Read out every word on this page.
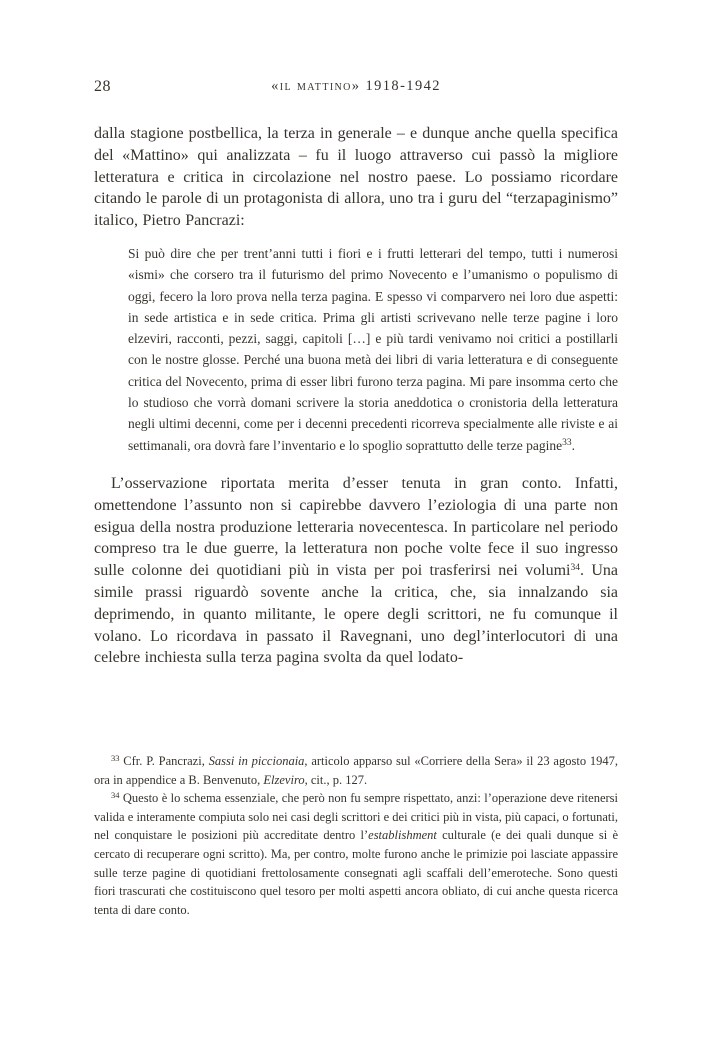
28	«il mattino» 1918-1942

dalla stagione postbellica, la terza in generale – e dunque anche quella specifica del «Mattino» qui analizzata – fu il luogo attraverso cui passò la migliore letteratura e critica in circolazione nel nostro paese. Lo possiamo ricordare citando le parole di un protagonista di allora, uno tra i guru del “terzapaginismo” italico, Pietro Pancrazi:

Si può dire che per trent’anni tutti i fiori e i frutti letterari del tempo, tutti i numerosi «ismi» che corsero tra il futurismo del primo Novecento e l’umanismo o populismo di oggi, fecero la loro prova nella terza pagina. E spesso vi comparvero nei loro due aspetti: in sede artistica e in sede critica. Prima gli artisti scrivevano nelle terze pagine i loro elzeviri, racconti, pezzi, saggi, capitoli […] e più tardi venivamo noi critici a postillarli con le nostre glosse. Perché una buona metà dei libri di varia letteratura e di conseguente critica del Novecento, prima di esser libri furono terza pagina. Mi pare insomma certo che lo studioso che vorrà domani scrivere la storia aneddotica o cronistoria della letteratura negli ultimi decenni, come per i decenni precedenti ricorreva specialmente alle riviste e ai settimanali, ora dovrà fare l’inventario e lo spoglio soprattutto delle terze pagine$^{33}$.

L’osservazione riportata merita d’esser tenuta in gran conto. Infatti, omettendone l’assunto non si capirebbe davvero l’eziologia di una parte non esigua della nostra produzione letteraria novecentesca. In particolare nel periodo compreso tra le due guerre, la letteratura non poche volte fece il suo ingresso sulle colonne dei quotidiani più in vista per poi trasferirsi nei volumi$^{34}$. Una simile prassi riguardò sovente anche la critica, che, sia innalzando sia deprimendo, in quanto militante, le opere degli scrittori, ne fu comunque il volano. Lo ricordava in passato il Ravegnani, uno degl’interlocutori di una celebre inchiesta sulla terza pagina svolta da quel lodato-

$^{33}$ Cfr. P. Pancrazi, Sassi in piccionaia, articolo apparso sul «Corriere della Sera» il 23 agosto 1947, ora in appendice a B. Benvenuto, Elzeviro, cit., p. 127.

$^{34}$ Questo è lo schema essenziale, che però non fu sempre rispettato, anzi: l’operazione deve ritenersi valida e interamente compiuta solo nei casi degli scrittori e dei critici più in vista, più capaci, o fortunati, nel conquistare le posizioni più accreditate dentro l’establishment culturale (e dei quali dunque si è cercato di recuperare ogni scritto). Ma, per contro, molte furono anche le primizie poi lasciate appassire sulle terze pagine di quotidiani frettolosamente consegnati agli scaffali dell’emeroteche. Sono questi fiori trascurati che costituiscono quel tesoro per molti aspetti ancora obliato, di cui anche questa ricerca tenta di dare conto.
